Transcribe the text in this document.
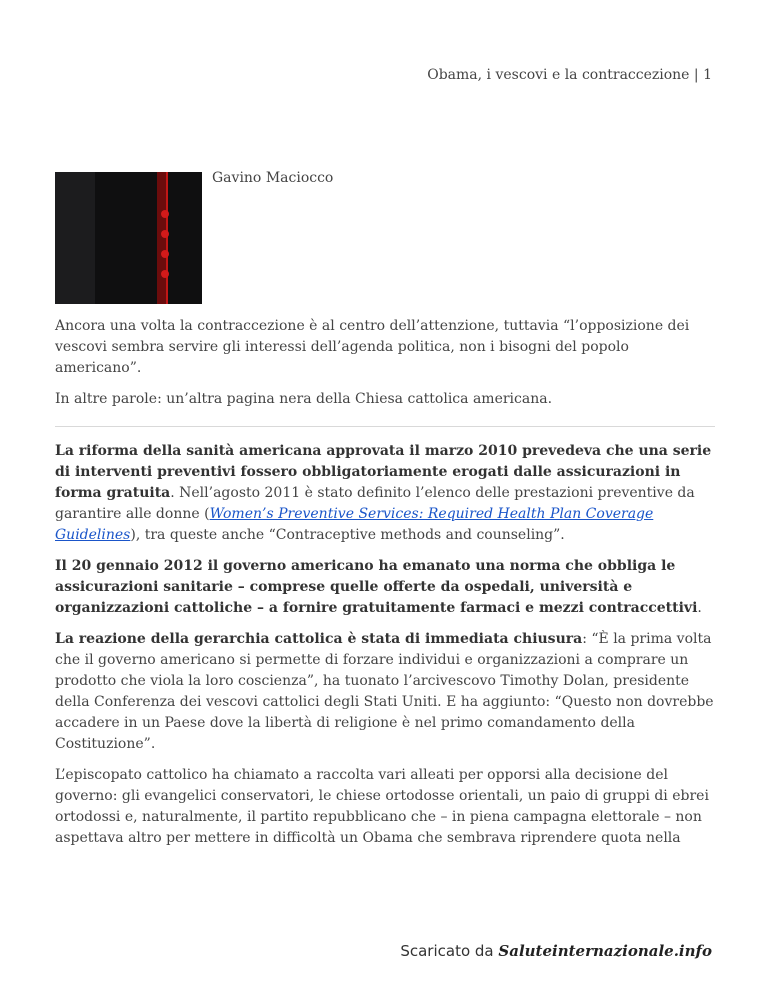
Obama, i vescovi e la contraccezione | 1
Gavino Maciocco

Ancora una volta la contraccezione è al centro dell’attenzione, tuttavia “l’opposizione dei vescovi sembra servire gli interessi dell’agenda politica, non i bisogni del popolo americano”.

In altre parole: un’altra pagina nera della Chiesa cattolica americana.

La riforma della sanità americana approvata il marzo 2010 prevedeva che una serie di interventi preventivi fossero obbligatoriamente erogati dalle assicurazioni in forma gratuita. Nell’agosto 2011 è stato definito l’elenco delle prestazioni preventive da garantire alle donne (Women’s Preventive Services: Required Health Plan Coverage Guidelines), tra queste anche “Contraceptive methods and counseling”.

Il 20 gennaio 2012 il governo americano ha emanato una norma che obbliga le assicurazioni sanitarie – comprese quelle offerte da ospedali, università e organizzazioni cattoliche – a fornire gratuitamente farmaci e mezzi contraccettivi.

La reazione della gerarchia cattolica è stata di immediata chiusura: “È la prima volta che il governo americano si permette di forzare individui e organizzazioni a comprare un prodotto che viola la loro coscienza”, ha tuonato l’arcivescovo Timothy Dolan, presidente della Conferenza dei vescovi cattolici degli Stati Uniti. E ha aggiunto: “Questo non dovrebbe accadere in un Paese dove la libertà di religione è nel primo comandamento della Costituzione”.

L’episcopato cattolico ha chiamato a raccolta vari alleati per opporsi alla decisione del governo: gli evangelici conservatori, le chiese ortodosse orientali, un paio di gruppi di ebrei ortodossi e, naturalmente, il partito repubblicano che – in piena campagna elettorale – non aspettava altro per mettere in difficoltà un Obama che sembrava riprendere quota nella

Scaricato da Saluteinternazionale.info
